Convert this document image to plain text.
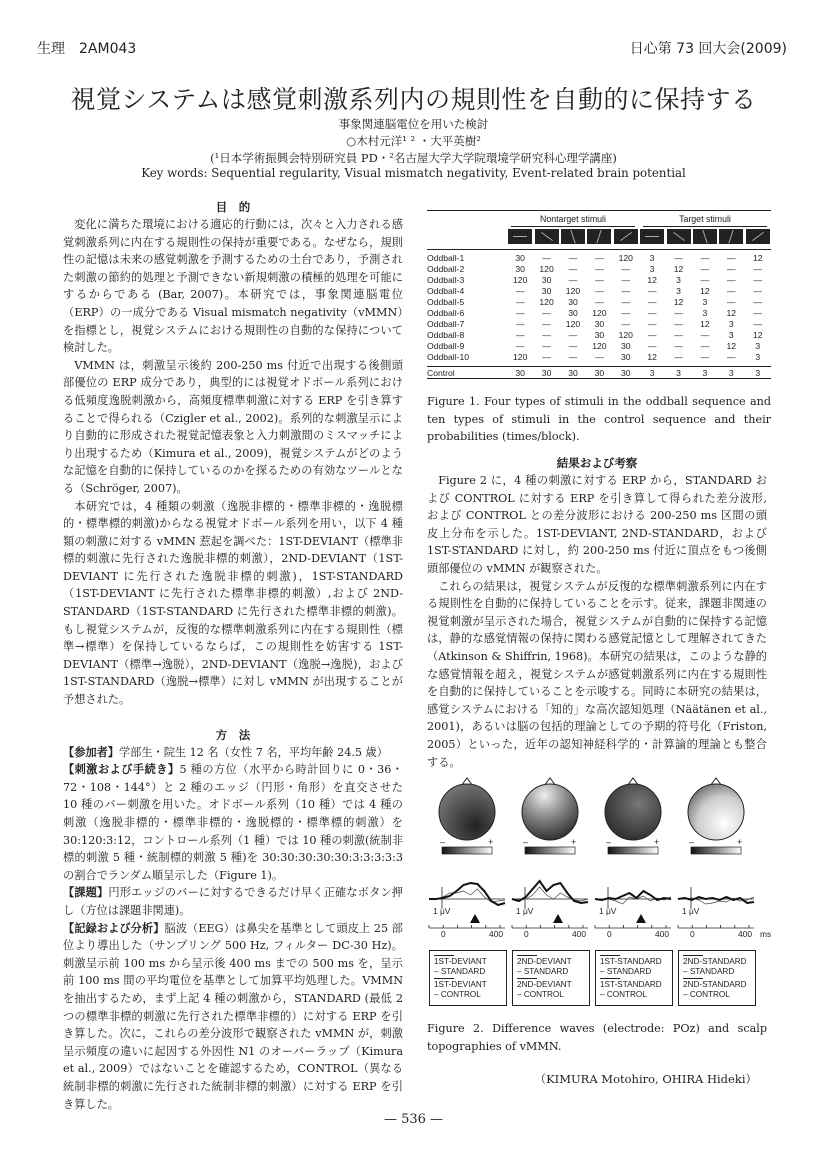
生理　2AM043	日心第 73 回大会(2009)
視覚システムは感覚刺激系列内の規則性を自動的に保持する
事象関連脳電位を用いた検討
○木村元洋¹ ² ・大平英樹²
(¹日本学術振興会特別研究員 PD・²名古屋大学大学院環境学研究科心理学講座)
Key words: Sequential regularity, Visual mismatch negativity, Event-related brain potential
目　的

変化に満ちた環境における適応的行動には，次々と入力される感覚刺激系列に内在する規則性の保持が重要である。なぜなら，規則性の記憶は未来の感覚刺激を予測するための土台であり，予測された刺激の節約的処理と予測できない新規刺激の積極的処理を可能にするからである (Bar, 2007)。本研究では，事象関連脳電位（ERP）の一成分である Visual mismatch negativity（vMMN）を指標とし，視覚システムにおける規則性の自動的な保持について検討した。

VMMN は，刺激呈示後約 200-250 ms 付近で出現する後側頭部優位の ERP 成分であり，典型的には視覚オドボール系列における低頻度逸脱刺激から，高頻度標準刺激に対する ERP を引き算することで得られる（Czigler et al., 2002)。系列的な刺激呈示により自動的に形成された視覚記憶表象と入力刺激間のミスマッチにより出現するため（Kimura et al., 2009)，視覚システムがどのような記憶を自動的に保持しているのかを探るための有効なツールとなる（Schröger, 2007)。

本研究では，4 種類の刺激（逸脱非標的・標準非標的・逸脱標的・標準標的刺激)からなる視覚オドボール系列を用い，以下 4 種類の刺激に対する vMMN 惹起を調べた：1ST-DEVIANT（標準非標的刺激に先行された逸脱非標的刺激），2ND-DEVIANT（1ST-DEVIANT に先行された逸脱非標的刺激)，1ST-STANDARD（1ST-DEVIANT に先行された標準非標的刺激）,および 2ND-STANDARD（1ST-STANDARD に先行された標準非標的刺激)。もし視覚システムが，反復的な標準刺激系列に内在する規則性（標準→標準）を保持しているならば，この規則性を妨害する 1ST-DEVIANT（標準→逸脱），2ND-DEVIANT（逸脱→逸脱)，および 1ST-STANDARD（逸脱→標準）に対し vMMN が出現することが予想された。

方　法

【参加者】学部生・院生 12 名（女性 7 名，平均年齢 24.5 歳）

【刺激および手続き】5 種の方位（水平から時計回りに 0・36・72・108・144°）と 2 種のエッジ（円形・角形）を直交させた 10 種のバー刺激を用いた。オドボール系列（10 種）では 4 種の刺激（逸脱非標的・標準非標的・逸脱標的・標準標的刺激）を 30:120:3:12，コントロール系列（1 種）では 10 種の刺激(統制非標的刺激 5 種・統制標的刺激 5 種)を 30:30:30:30:30:3:3:3:3:3 の割合でランダム順呈示した（Figure 1)。

【課題】円形エッジのバーに対するできるだけ早く正確なボタン押し（方位は課題非関連)。

【記録および分析】脳波（EEG）は鼻尖を基準として頭皮上 25 部位より導出した（サンプリング 500 Hz, フィルター DC-30 Hz)。刺激呈示前 100 ms から呈示後 400 ms までの 500 ms を，呈示前 100 ms 間の平均電位を基準として加算平均処理した。VMMN を抽出するため，まず上記 4 種の刺激から，STANDARD (最低 2 つの標準非標的刺激に先行された標準非標的）に対する ERP を引き算した。次に，これらの差分波形で観察された vMMN が，刺激呈示頻度の違いに起因する外因性 N1 のオーバーラップ（Kimura et al., 2009）ではないことを確認するため，CONTROL（異なる統制非標的刺激に先行された統制非標的刺激）に対する ERP を引き算した。

	Nontarget stimuli					Target stimuli				

Oddball-1	30	—	—	—	120	3	—	—	—	12
Oddball-2	30	120	—	—	—	3	12	—	—	—
Oddball-3	120	30	—	—	—	12	3	—	—	—
Oddball-4	—	30	120	—	—	—	3	12	—	—
Oddball-5	—	120	30	—	—	—	12	3	—	—
Oddball-6	—	—	30	120	—	—	—	3	12	—
Oddball-7	—	—	120	30	—	—	—	12	3	—
Oddball-8	—	—	—	30	120	—	—	—	3	12
Oddball-9	—	—	—	120	30	—	—	—	12	3
Oddball-10	120	—	—	—	30	12	—	—	—	3

Control	30	30	30	30	30	3	3	3	3	3

Figure 1. Four types of stimuli in the oddball sequence and ten types of stimuli in the control sequence and their probabilities (times/block).
結果および考察

Figure 2 に，4 種の刺激に対する ERP から，STANDARD および CONTROL に対する ERP を引き算して得られた差分波形, および CONTROL との差分波形における 200-250 ms 区間の頭皮上分布を示した。1ST-DEVIANT, 2ND-STANDARD，および 1ST-STANDARD に対し，約 200-250 ms 付近に頂点をもつ後側頭部優位の vMMN が観察された。

これらの結果は，視覚システムが反復的な標準刺激系列に内在する規則性を自動的に保持していることを示す。従来，課題非関連の視覚刺激が呈示された場合，視覚システムが自動的に保持する記憶は，静的な感覚情報の保持に関わる感覚記憶として理解されてきた（Atkinson & Shiffrin, 1968)。本研究の結果は，このような静的な感覚情報を超え，視覚システムが感覚刺激系列に内在する規則性を自動的に保持していることを示唆する。同時に本研究の結果は，感覚システムにおける「知的」な高次認知処理（Näätänen et al., 2001)，あるいは脳の包括的理論としての予期的符号化（Friston, 2005）といった，近年の認知神経科学的・計算論的理論とも整合する。

–	+
1 μV
0	400
–	+
1 μV
0	400
–	+
1 μV
0	400
–	+
1 μV
0	400 ms
1ST-DEVIANT
– STANDARD
1ST-DEVIANT
– CONTROL
2ND-DEVIANT
– STANDARD
2ND-DEVIANT
– CONTROL
1ST-STANDARD
– STANDARD
1ST-STANDARD
– CONTROL
2ND-STANDARD
– STANDARD
2ND-STANDARD
– CONTROL
Figure 2. Difference waves (electrode: POz) and scalp topographies of vMMN.
（KIMURA Motohiro, OHIRA Hideki）
— 536 —
